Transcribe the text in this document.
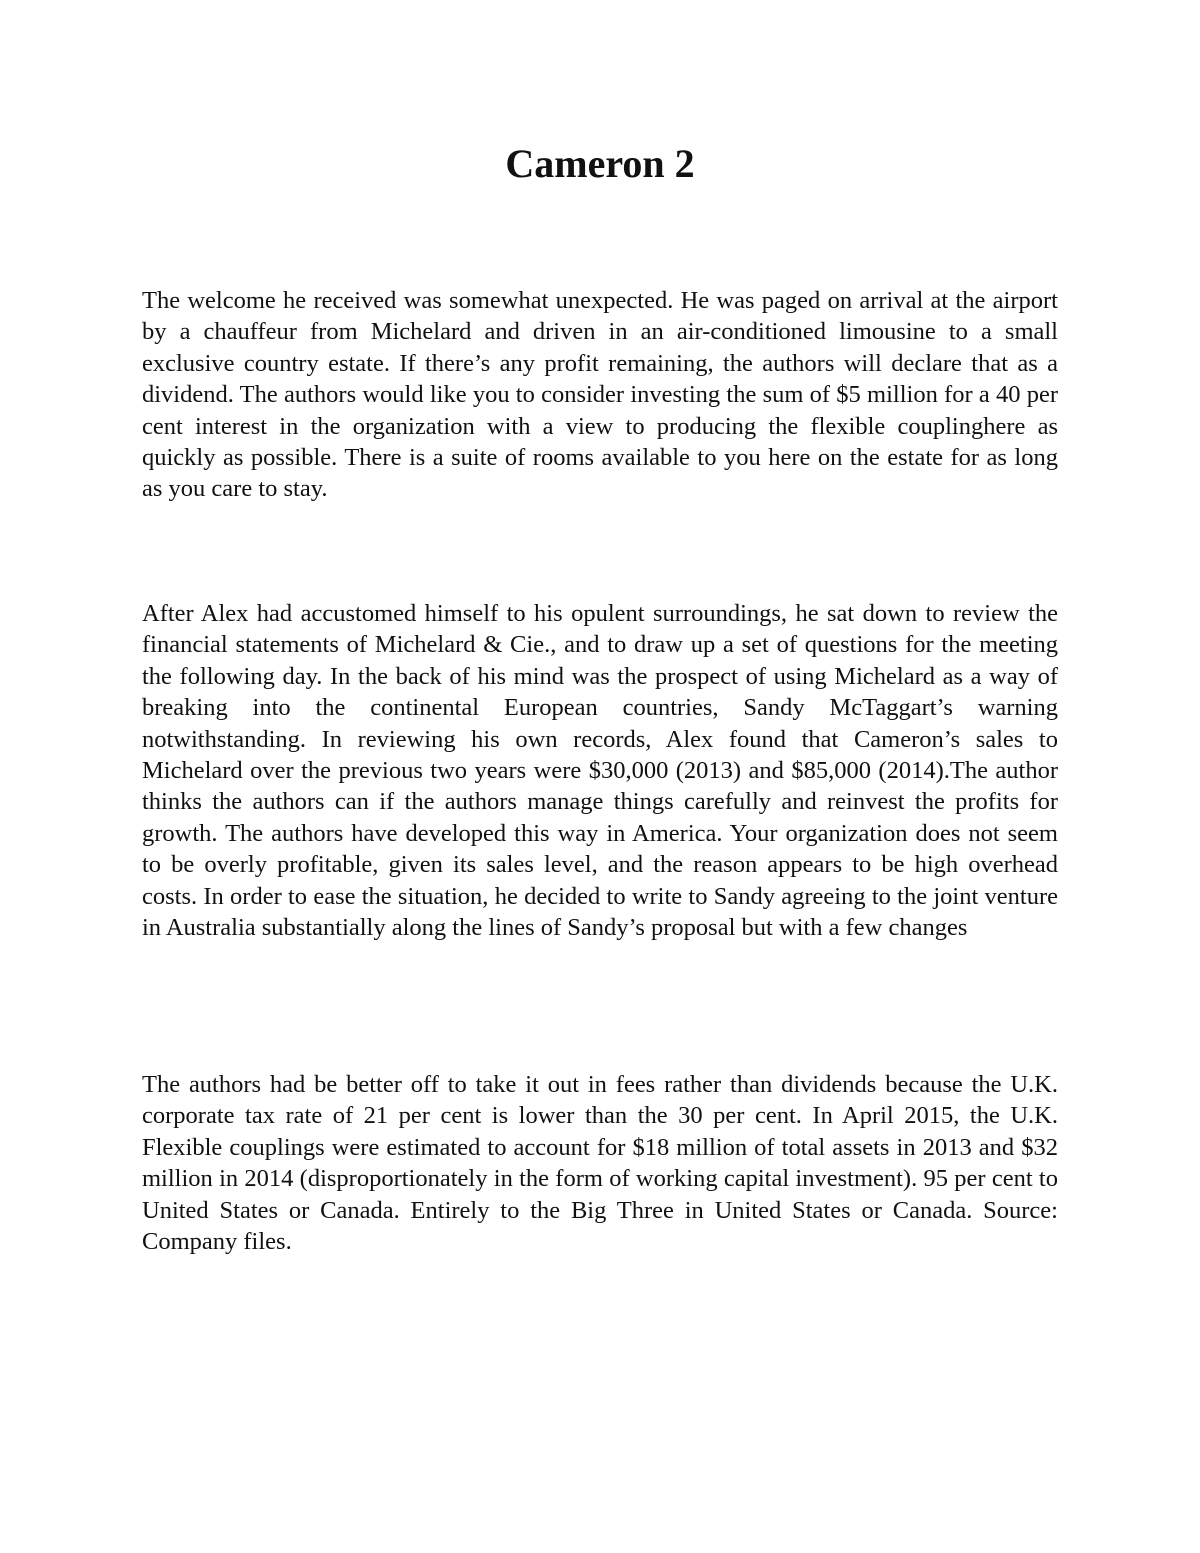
Cameron 2

The welcome he received was somewhat unexpected. He was paged on arrival at the airport by a chauffeur from Michelard and driven in an air-conditioned limousine to a small exclusive country estate. If there’s any profit remaining, the authors will declare that as a dividend. The authors would like you to consider investing the sum of $5 million for a 40 per cent interest in the organization with a view to producing the flexible couplinghere as quickly as possible. There is a suite of rooms available to you here on the estate for as long as you care to stay.

After Alex had accustomed himself to his opulent surroundings, he sat down to review the financial statements of Michelard & Cie., and to draw up a set of questions for the meeting the following day. In the back of his mind was the prospect of using Michelard as a way of breaking into the continental European countries, Sandy McTaggart’s warning notwithstanding. In reviewing his own records, Alex found that Cameron’s sales to Michelard over the previous two years were $30,000 (2013) and $85,000 (2014).The author thinks the authors can if the authors manage things carefully and reinvest the profits for growth. The authors have developed this way in America. Your organization does not seem to be overly profitable, given its sales level, and the reason appears to be high overhead costs. In order to ease the situation, he decided to write to Sandy agreeing to the joint venture in Australia substantially along the lines of Sandy’s proposal but with a few changes

The authors had be better off to take it out in fees rather than dividends because the U.K. corporate tax rate of 21 per cent is lower than the 30 per cent. In April 2015, the U.K. Flexible couplings were estimated to account for $18 million of total assets in 2013 and $32 million in 2014 (disproportionately in the form of working capital investment). 95 per cent to United States or Canada. Entirely to the Big Three in United States or Canada. Source: Company files.
